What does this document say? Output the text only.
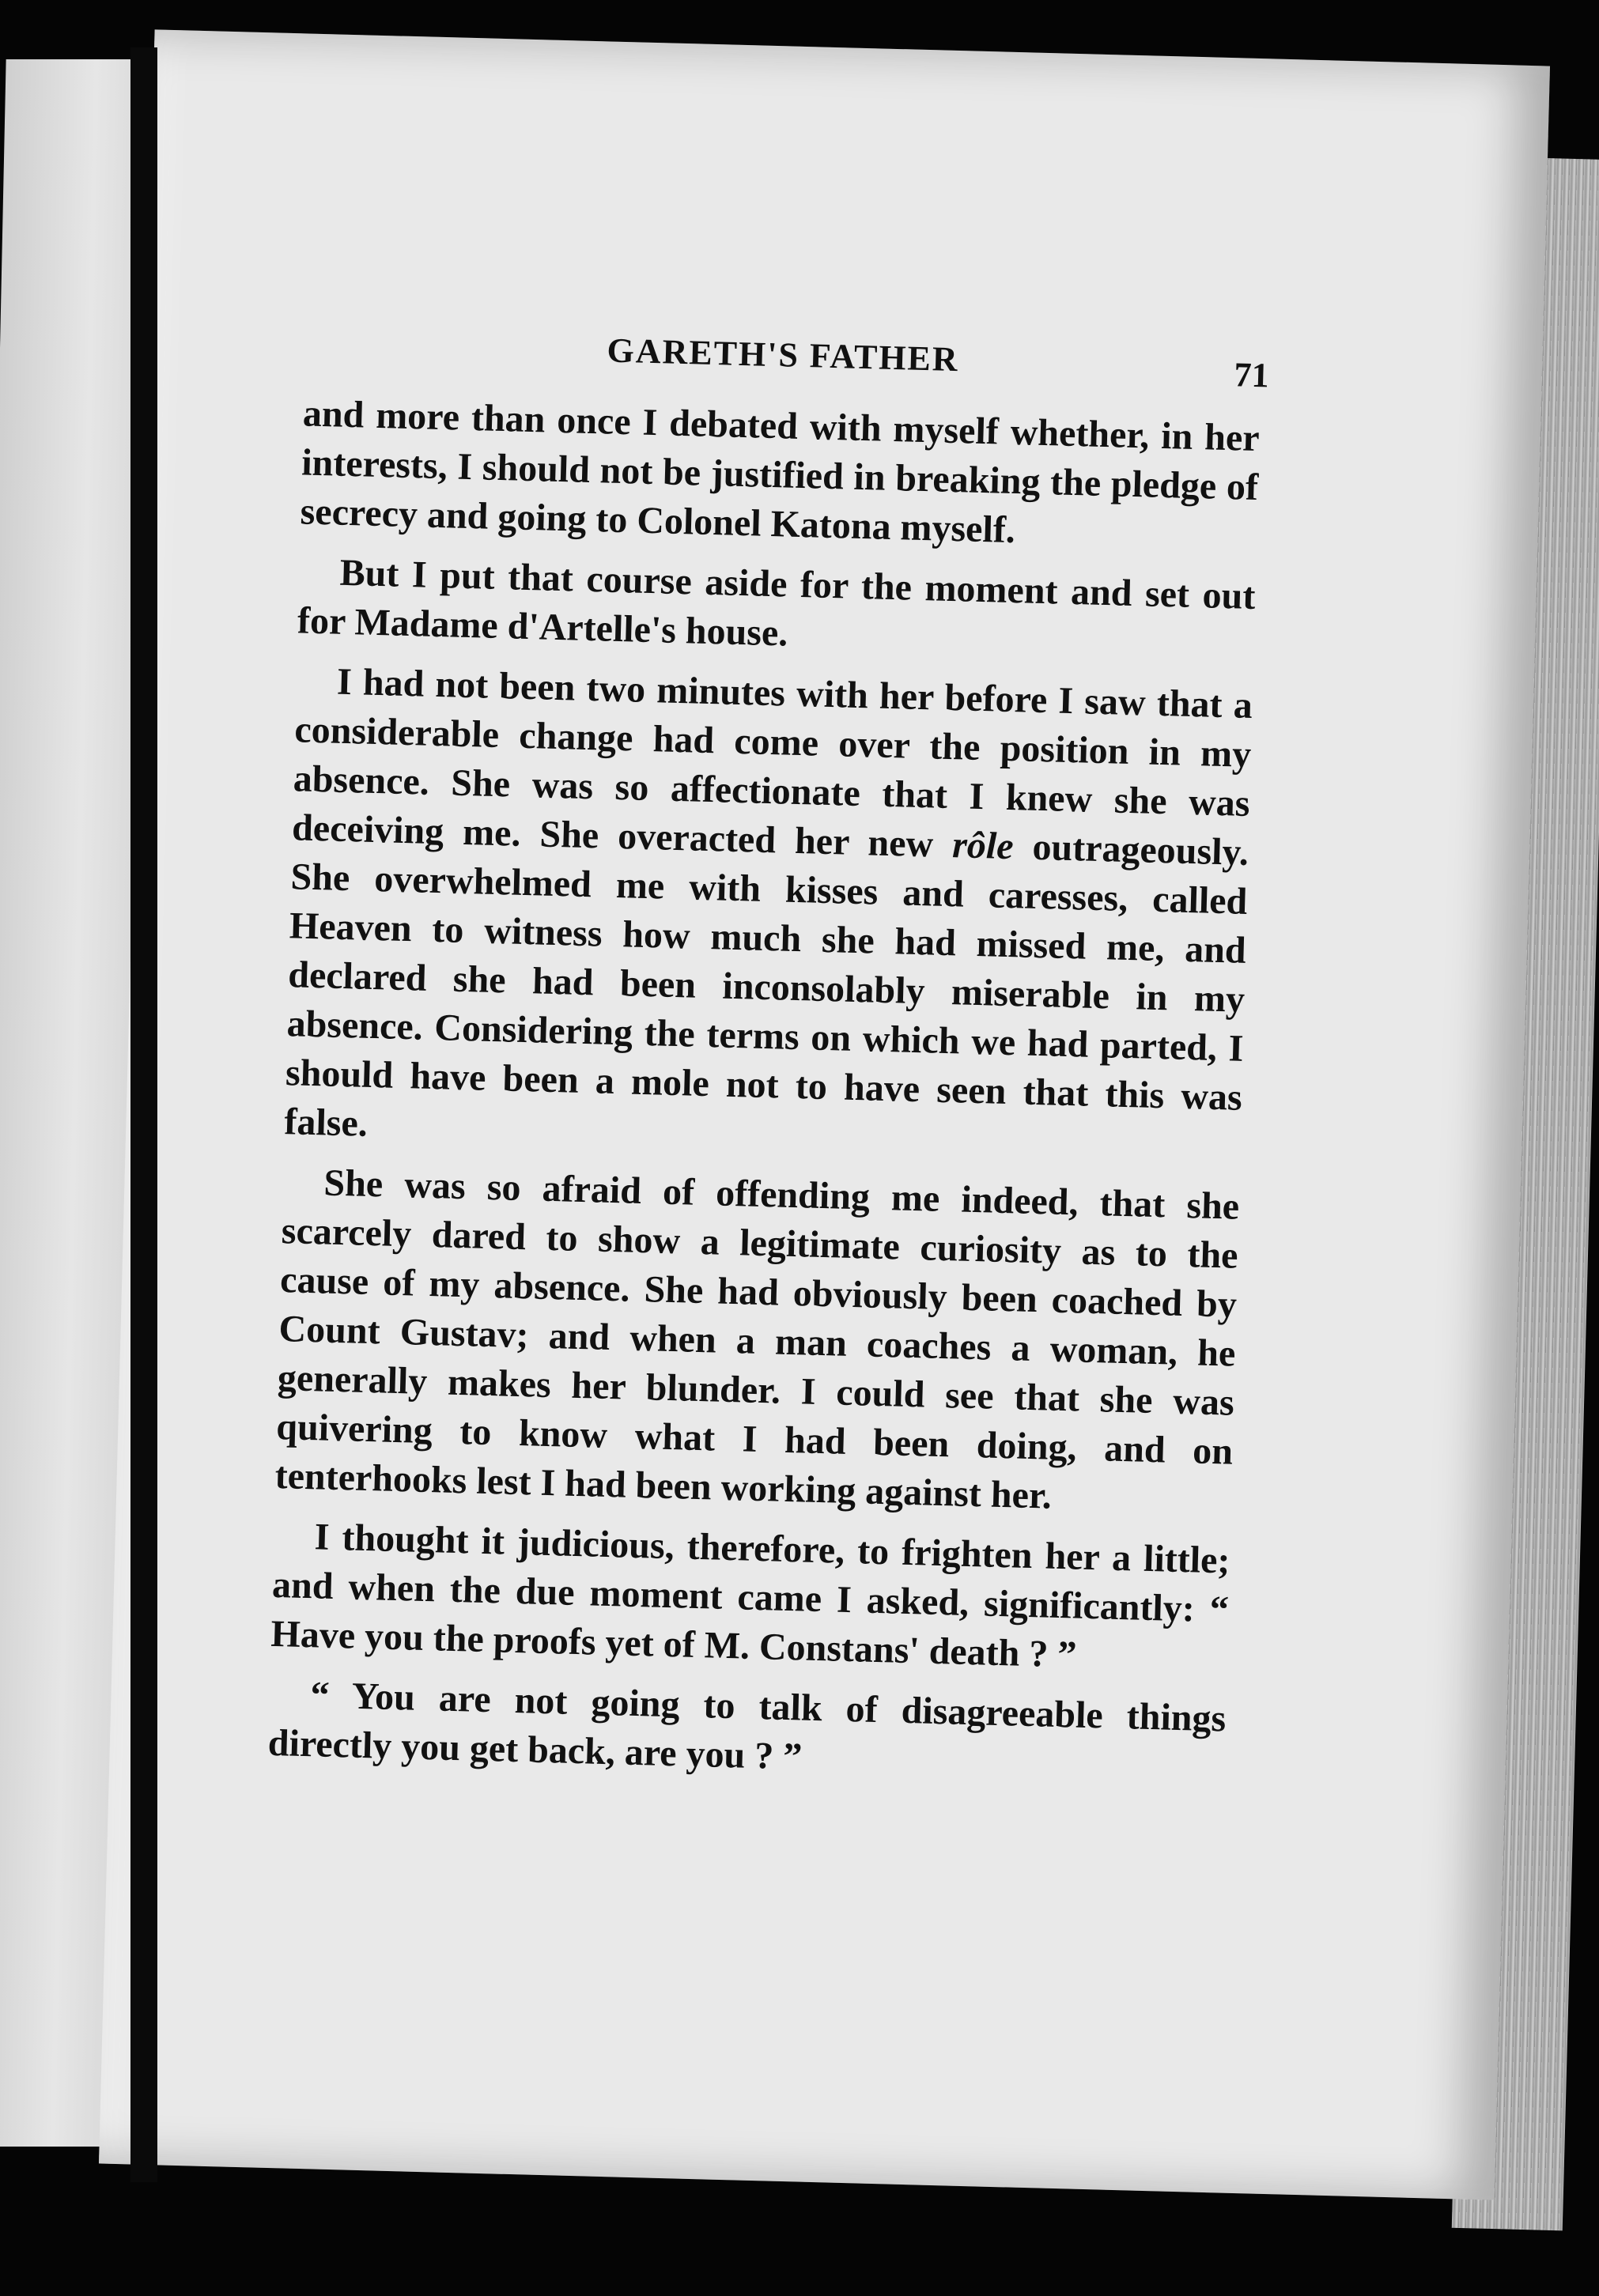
GARETH'S FATHER	71

and more than once I debated with myself whether, in her interests, I should not be justified in breaking the pledge of secrecy and going to Colonel Katona myself.

But I put that course aside for the moment and set out for Madame d'Artelle's house.

I had not been two minutes with her before I saw that a considerable change had come over the position in my absence. She was so affectionate that I knew she was deceiving me. She overacted her new rôle outrageously. She overwhelmed me with kisses and caresses, called Heaven to witness how much she had missed me, and declared she had been inconsolably miserable in my absence. Considering the terms on which we had parted, I should have been a mole not to have seen that this was false.

She was so afraid of offending me indeed, that she scarcely dared to show a legitimate curiosity as to the cause of my absence. She had obviously been coached by Count Gustav; and when a man coaches a woman, he generally makes her blunder. I could see that she was quivering to know what I had been doing, and on tenterhooks lest I had been working against her.

I thought it judicious, therefore, to frighten her a little; and when the due moment came I asked, significantly: “ Have you the proofs yet of M. Constans' death ? ”

“ You are not going to talk of disagreeable things directly you get back, are you ? ”
